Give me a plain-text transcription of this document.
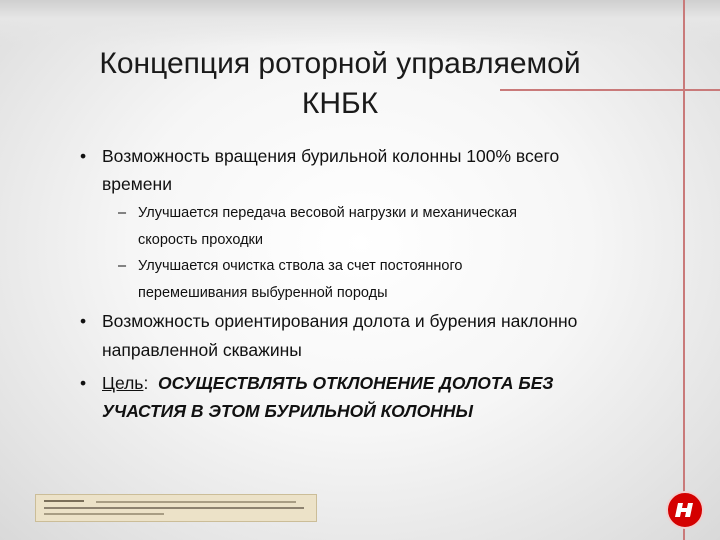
Концепция роторной управляемой
КНБК
• Возможность вращения бурильной колонны 100% всего
времени
– Улучшается передача весовой нагрузки и механическая
скорость проходки
– Улучшается очистка ствола за счет постоянного
перемешивания выбуренной породы
• Возможность ориентирования долота и бурения наклонно
направленной скважины
• Цель: ОСУЩЕСТВЛЯТЬ ОТКЛОНЕНИЕ ДОЛОТА БЕЗ
УЧАСТИЯ В ЭТОМ БУРИЛЬНОЙ КОЛОННЫ
